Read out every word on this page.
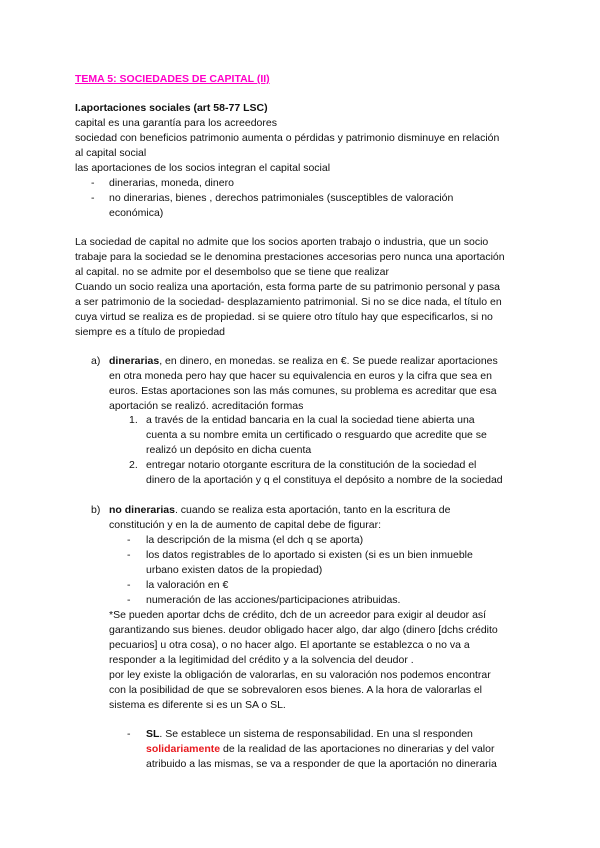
TEMA 5: SOCIEDADES DE CAPITAL (II)
I.aportaciones sociales (art 58-77 LSC)
capital es una garantía para los acreedores
sociedad con beneficios patrimonio aumenta o pérdidas y patrimonio disminuye en relación
al capital social
las aportaciones de los socios integran el capital social
- dinerarias, moneda, dinero
- no dinerarias, bienes , derechos patrimoniales (susceptibles de valoración
económica)
La sociedad de capital no admite que los socios aporten trabajo o industria, que un socio
trabaje para la sociedad se le denomina prestaciones accesorias pero nunca una aportación
al capital. no se admite por el desembolso que se tiene que realizar
Cuando un socio realiza una aportación, esta forma parte de su patrimonio personal y pasa
a ser patrimonio de la sociedad- desplazamiento patrimonial. Si no se dice nada, el título en
cuya virtud se realiza es de propiedad. si se quiere otro título hay que especificarlos, si no
siempre es a título de propiedad
a) dinerarias, en dinero, en monedas. se realiza en €. Se puede realizar aportaciones
en otra moneda pero hay que hacer su equivalencia en euros y la cifra que sea en
euros. Estas aportaciones son las más comunes, su problema es acreditar que esa
aportación se realizó. acreditación formas
1. a través de la entidad bancaria en la cual la sociedad tiene abierta una
cuenta a su nombre emita un certificado o resguardo que acredite que se
realizó un depósito en dicha cuenta
2. entregar notario otorgante escritura de la constitución de la sociedad el
dinero de la aportación y q el constituya el depósito a nombre de la sociedad
b) no dinerarias. cuando se realiza esta aportación, tanto en la escritura de
constitución y en la de aumento de capital debe de figurar:
- la descripción de la misma (el dch q se aporta)
- los datos registrables de lo aportado si existen (si es un bien inmueble
urbano existen datos de la propiedad)
- la valoración en €
- numeración de las acciones/participaciones atribuidas.
*Se pueden aportar dchs de crédito, dch de un acreedor para exigir al deudor así
garantizando sus bienes. deudor obligado hacer algo, dar algo (dinero [dchs crédito
pecuarios] u otra cosa), o no hacer algo. El aportante se establezca o no va a
responder a la legitimidad del crédito y a la solvencia del deudor .
por ley existe la obligación de valorarlas, en su valoración nos podemos encontrar
con la posibilidad de que se sobrevaloren esos bienes. A la hora de valorarlas el
sistema es diferente si es un SA o SL.
- SL. Se establece un sistema de responsabilidad. En una sl responden
solidariamente de la realidad de las aportaciones no dinerarias y del valor
atribuido a las mismas, se va a responder de que la aportación no dineraria
